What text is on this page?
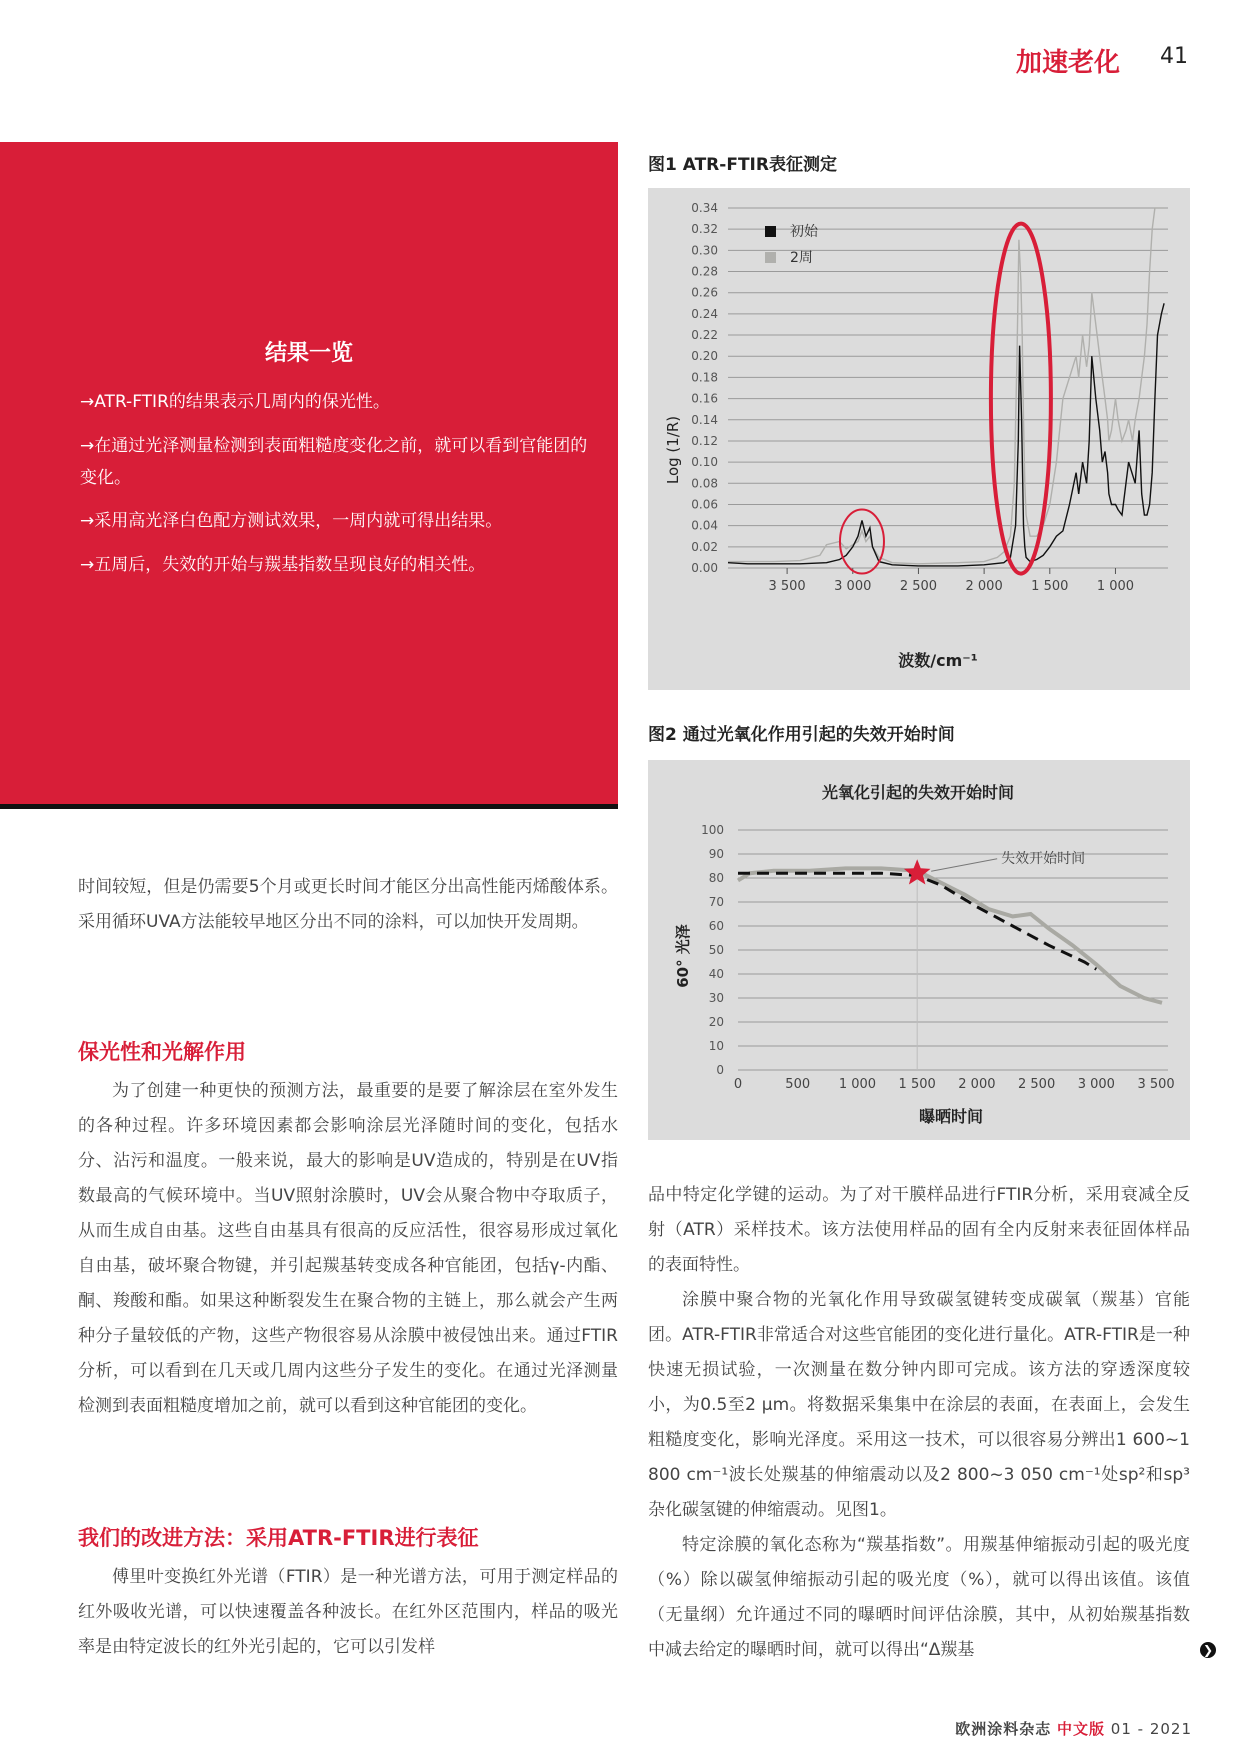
加速老化 41
结果一览
→ATR-FTIR的结果表示几周内的保光性。
→在通过光泽测量检测到表面粗糙度变化之前，就可以看到官能团的变化。
→采用高光泽白色配方测试效果，一周内就可得出结果。
→五周后，失效的开始与羰基指数呈现良好的相关性。
时间较短，但是仍需要5个月或更长时间才能区分出高性能丙烯酸体系。采用循环UVA方法能较早地区分出不同的涂料，可以加快开发周期。
保光性和光解作用
为了创建一种更快的预测方法，最重要的是要了解涂层在室外发生的各种过程。许多环境因素都会影响涂层光泽随时间的变化，包括水分、沾污和温度。一般来说，最大的影响是UV造成的，特别是在UV指数最高的气候环境中。当UV照射涂膜时，UV会从聚合物中夺取质子，从而生成自由基。这些自由基具有很高的反应活性，很容易形成过氧化自由基，破坏聚合物键，并引起羰基转变成各种官能团，包括γ-内酯、酮、羧酸和酯。如果这种断裂发生在聚合物的主链上，那么就会产生两种分子量较低的产物，这些产物很容易从涂膜中被侵蚀出来。通过FTIR分析，可以看到在几天或几周内这些分子发生的变化。在通过光泽测量检测到表面粗糙度增加之前，就可以看到这种官能团的变化。
我们的改进方法：采用ATR-FTIR进行表征
傅里叶变换红外光谱（FTIR）是一种光谱方法，可用于测定样品的红外吸收光谱，可以快速覆盖各种波长。在红外区范围内，样品的吸光率是由特定波长的红外光引起的，它可以引发样
图1 ATR-FTIR表征测定
0.00
0.02
0.04
0.06
0.08
0.10
0.12
0.14
0.16
0.18
0.20
0.22
0.24
0.26
0.28
0.30
0.32
0.34
3 500 3 000 2 500 2 000 1 500 1 000
初始
2周
Log (1/R)
波数/cm⁻¹
图2 通过光氧化作用引起的失效开始时间
光氧化引起的失效开始时间
0
10
20
30
40
50
60
70
80
90
100
0	500 1 000 1 500 2 000 2 500 3 000 3 500
失效开始时间
60° 光泽
曝晒时间
品中特定化学键的运动。为了对干膜样品进行FTIR分析，采用衰减全反射（ATR）采样技术。该方法使用样品的固有全内反射来表征固体样品的表面特性。
涂膜中聚合物的光氧化作用导致碳氢键转变成碳氧（羰基）官能团。ATR-FTIR非常适合对这些官能团的变化进行量化。ATR-FTIR是一种快速无损试验，一次测量在数分钟内即可完成。该方法的穿透深度较小，为0.5至2 μm。将数据采集集中在涂层的表面，在表面上，会发生粗糙度变化，影响光泽度。采用这一技术，可以很容易分辨出1 600~1 800 cm⁻¹波长处羰基的伸缩震动以及2 800~3 050 cm⁻¹处sp²和sp³杂化碳氢键的伸缩震动。见图1。
特定涂膜的氧化态称为“羰基指数”。用羰基伸缩振动引起的吸光度（%）除以碳氢伸缩振动引起的吸光度（%），就可以得出该值。该值（无量纲）允许通过不同的曝晒时间评估涂膜，其中，从初始羰基指数中减去给定的曝晒时间，就可以得出“Δ羰基	❯
欧洲涂料杂志 中文版 01 - 2021
